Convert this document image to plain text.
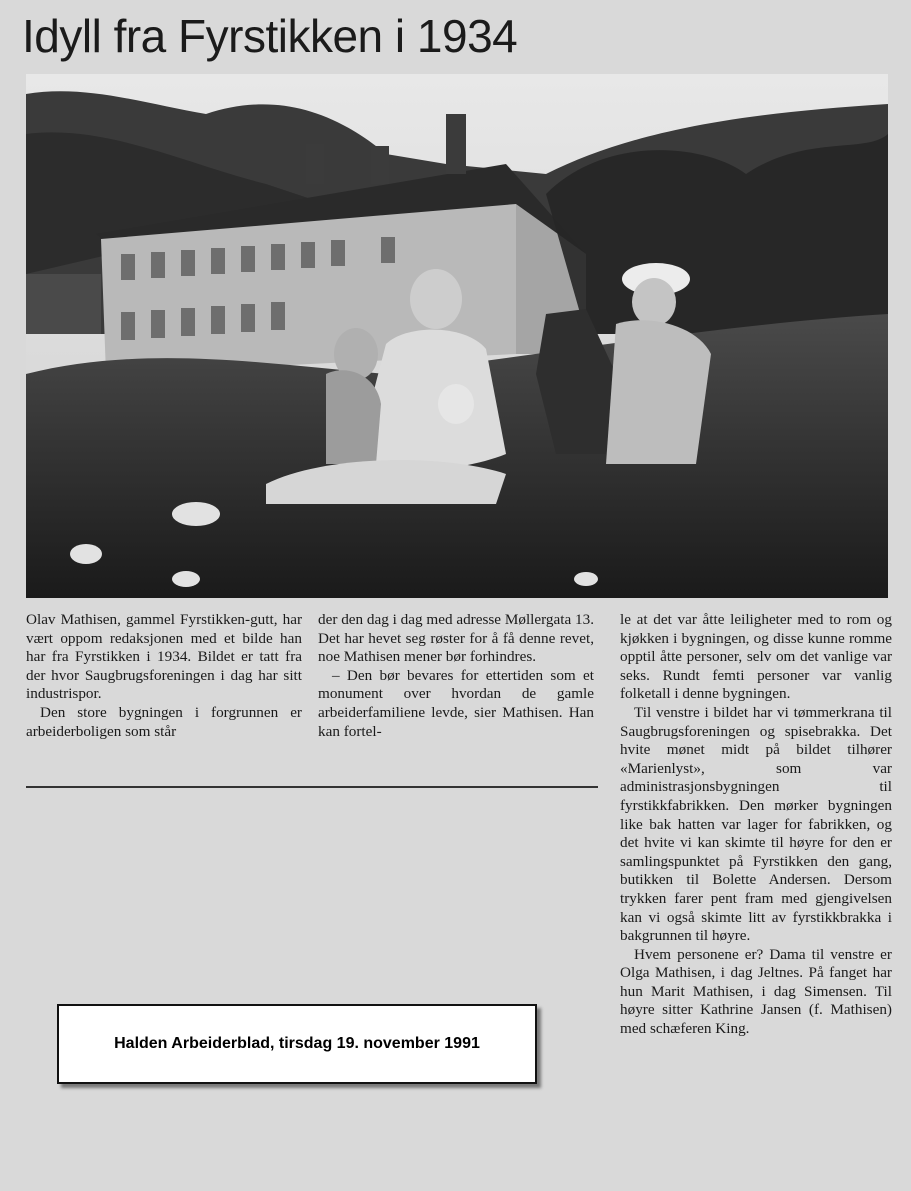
Idyll fra Fyrstikken i 1934

Olav Mathisen, gammel Fyrstikken-gutt, har vært oppom redaksjonen med et bilde han har fra Fyrstikken i 1934. Bildet er tatt fra der hvor Saugbrugsforeningen i dag har sitt industrispor.

Den store bygningen i forgrunnen er arbeiderboligen som står

der den dag i dag med adresse Møllergata 13. Det har hevet seg røster for å få denne revet, noe Mathisen mener bør forhindres.

– Den bør bevares for ettertiden som et monument over hvordan de gamle arbeiderfamiliene levde, sier Mathisen. Han kan fortel-

le at det var åtte leiligheter med to rom og kjøkken i bygningen, og disse kunne romme opptil åtte personer, selv om det vanlige var seks. Rundt femti personer var vanlig folketall i denne bygningen.

Til venstre i bildet har vi tømmerkrana til Saugbrugsforeningen og spisebrakka. Det hvite mønet midt på bildet tilhører «Marienlyst», som var administrasjonsbygningen til fyrstikkfabrikken. Den mørker bygningen like bak hatten var lager for fabrikken, og det hvite vi kan skimte til høyre for den er samlingspunktet på Fyrstikken den gang, butikken til Bolette Andersen. Dersom trykken farer pent fram med gjengivelsen kan vi også skimte litt av fyrstikkbrakka i bakgrunnen til høyre.

Hvem personene er? Dama til venstre er Olga Mathisen, i dag Jeltnes. På fanget har hun Marit Mathisen, i dag Simensen. Til høyre sitter Kathrine Jansen (f. Mathisen) med schæferen King.

Halden Arbeiderblad, tirsdag 19. november 1991
